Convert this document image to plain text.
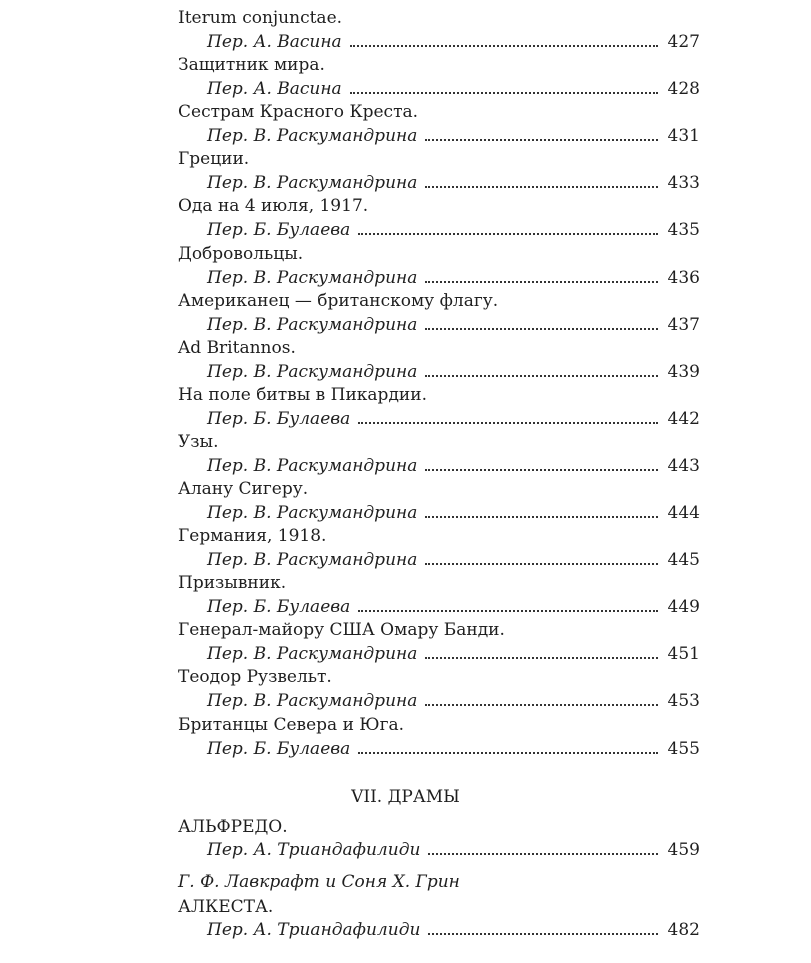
Iterum conjunctae.
Пер. А. Васина	427
Защитник мира.
Пер. А. Васина	428
Сестрам Красного Креста.
Пер. В. Раскумандрина	431
Греции.
Пер. В. Раскумандрина	433
Ода на 4 июля, 1917.
Пер. Б. Булаева	435
Добровольцы.
Пер. В. Раскумандрина	436
Американец — британскому флагу.
Пер. В. Раскумандрина	437
Ad Britannos.
Пер. В. Раскумандрина	439
На поле битвы в Пикардии.
Пер. Б. Булаева	442
Узы.
Пер. В. Раскумандрина	443
Алану Сигеру.
Пер. В. Раскумандрина	444
Германия, 1918.
Пер. В. Раскумандрина	445
Призывник.
Пер. Б. Булаева	449
Генерал-майору США Омару Банди.
Пер. В. Раскумандрина	451
Теодор Рузвельт.
Пер. В. Раскумандрина	453
Британцы Севера и Юга.
Пер. Б. Булаева	455
VII. ДРАМЫ
АЛЬФРЕДО.
Пер. А. Триандафилиди	459
Г. Ф. Лавкрафт и Соня Х. Грин
АЛКЕСТА.
Пер. А. Триандафилиди	482
